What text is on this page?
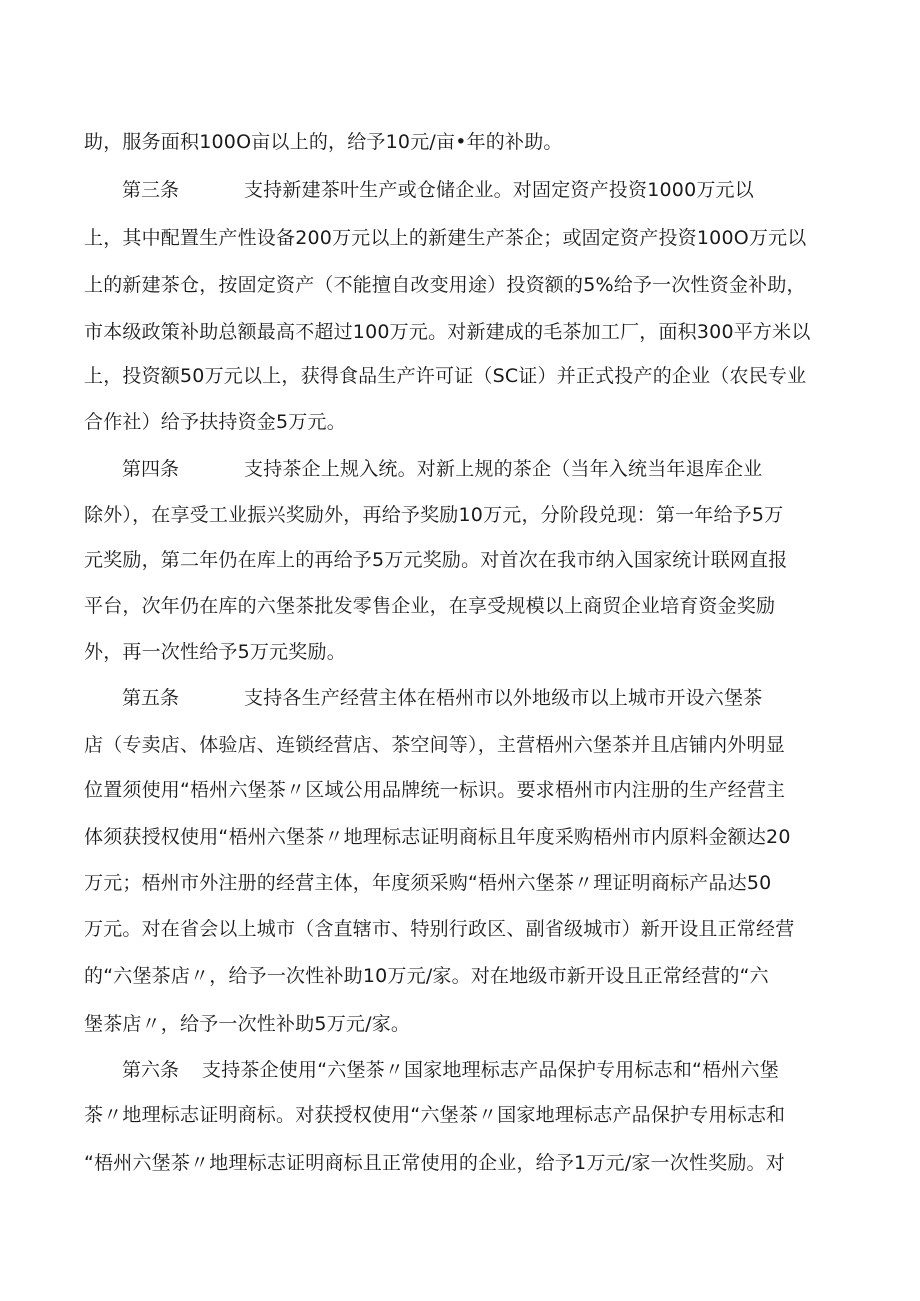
助，服务面积100O亩以上的，给予10元/亩•年的补助。
第三条	支持新建茶叶生产或仓储企业。对固定资产投资1000万元以
上，其中配置生产性设备200万元以上的新建生产茶企；或固定资产投资100O万元以
上的新建茶仓，按固定资产（不能擅自改变用途）投资额的5%给予一次性资金补助，
市本级政策补助总额最高不超过100万元。对新建成的毛茶加工厂，面积300平方米以
上，投资额50万元以上，获得食品生产许可证（SC证）并正式投产的企业（农民专业
合作社）给予扶持资金5万元。
第四条	支持茶企上规入统。对新上规的茶企（当年入统当年退库企业
除外），在享受工业振兴奖励外，再给予奖励10万元，分阶段兑现：第一年给予5万
元奖励，第二年仍在库上的再给予5万元奖励。对首次在我市纳入国家统计联网直报
平台，次年仍在库的六堡茶批发零售企业，在享受规模以上商贸企业培育资金奖励
外，再一次性给予5万元奖励。
第五条	支持各生产经营主体在梧州市以外地级市以上城市开设六堡茶
店（专卖店、体验店、连锁经营店、茶空间等），主营梧州六堡茶并且店铺内外明显
位置须使用“梧州六堡茶〃区域公用品牌统一标识。要求梧州市内注册的生产经营主
体须获授权使用“梧州六堡茶〃地理标志证明商标且年度采购梧州市内原料金额达20
万元；梧州市外注册的经营主体，年度须采购“梧州六堡茶〃理证明商标产品达50
万元。对在省会以上城市（含直辖市、特别行政区、副省级城市）新开设且正常经营
的“六堡茶店〃，给予一次性补助10万元/家。对在地级市新开设且正常经营的“六
堡茶店〃，给予一次性补助5万元/家。
第六条 支持茶企使用“六堡茶〃国家地理标志产品保护专用标志和“梧州六堡
茶〃地理标志证明商标。对获授权使用“六堡茶〃国家地理标志产品保护专用标志和
“梧州六堡茶〃地理标志证明商标且正常使用的企业，给予1万元/家一次性奖励。对
